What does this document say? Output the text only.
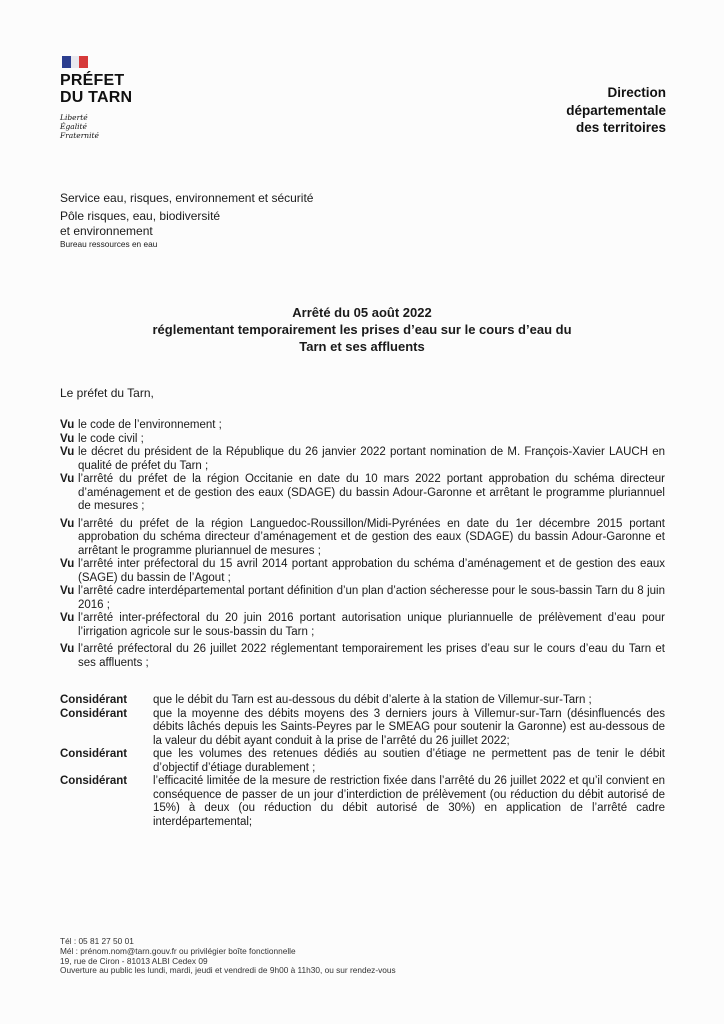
PRÉFET
DU TARN
Liberté
Égalité
Fraternité
Direction
départementale
des territoires
Service eau, risques, environnement et sécurité
Pôle risques, eau, biodiversité
et environnement
Bureau ressources en eau
Arrêté du 05 août 2022
réglementant temporairement les prises d’eau sur le cours d’eau du
Tarn et ses affluents
Le préfet du Tarn,
Vu le code de l’environnement ;
Vu le code civil ;
Vu le décret du président de la République du 26 janvier 2022 portant nomination de M. François-Xavier LAUCH en qualité de préfet du Tarn ;
Vu l’arrêté du préfet de la région Occitanie en date du 10 mars 2022 portant approbation du schéma directeur d’aménagement et de gestion des eaux (SDAGE) du bassin Adour-Garonne et arrêtant le programme pluriannuel de mesures ;
Vu l’arrêté du préfet de la région Languedoc-Roussillon/Midi-Pyrénées en date du 1er décembre 2015 portant approbation du schéma directeur d’aménagement et de gestion des eaux (SDAGE) du bassin Adour-Garonne et arrêtant le programme pluriannuel de mesures ;
Vu l’arrêté inter préfectoral du 15 avril 2014 portant approbation du schéma d’aménagement et de gestion des eaux (SAGE) du bassin de l’Agout ;
Vu l’arrêté cadre interdépartemental portant définition d’un plan d’action sécheresse pour le sous-bassin Tarn du 8 juin 2016 ;
Vu l’arrêté inter-préfectoral du 20 juin 2016 portant autorisation unique pluriannuelle de prélèvement d’eau pour l’irrigation agricole sur le sous-bassin du Tarn ;
Vu l’arrêté préfectoral du 26 juillet 2022 réglementant temporairement les prises d’eau sur le cours d’eau du Tarn et ses affluents ;
Considérant que le débit du Tarn est au-dessous du débit d’alerte à la station de Villemur-sur-Tarn ;
Considérant que la moyenne des débits moyens des 3 derniers jours à Villemur-sur-Tarn (désinfluencés des débits lâchés depuis les Saints-Peyres par le SMEAG pour soutenir la Garonne) est au-dessous de la valeur du débit ayant conduit à la prise de l’arrêté du 26 juillet 2022;
Considérant que les volumes des retenues dédiés au soutien d’étiage ne permettent pas de tenir le débit d’objectif d’étiage durablement ;
Considérant l’efficacité limitée de la mesure de restriction fixée dans l’arrêté du 26 juillet 2022 et qu’il convient en conséquence de passer de un jour d’interdiction de prélèvement (ou réduction du débit autorisé de 15%) à deux (ou réduction du débit autorisé de 30%) en application de l’arrêté cadre interdépartemental;
Tél : 05 81 27 50 01
Mél : prénom.nom@tarn.gouv.fr ou privilégier boîte fonctionnelle
19, rue de Ciron - 81013 ALBI Cedex 09
Ouverture au public les lundi, mardi, jeudi et vendredi de 9h00 à 11h30, ou sur rendez-vous
